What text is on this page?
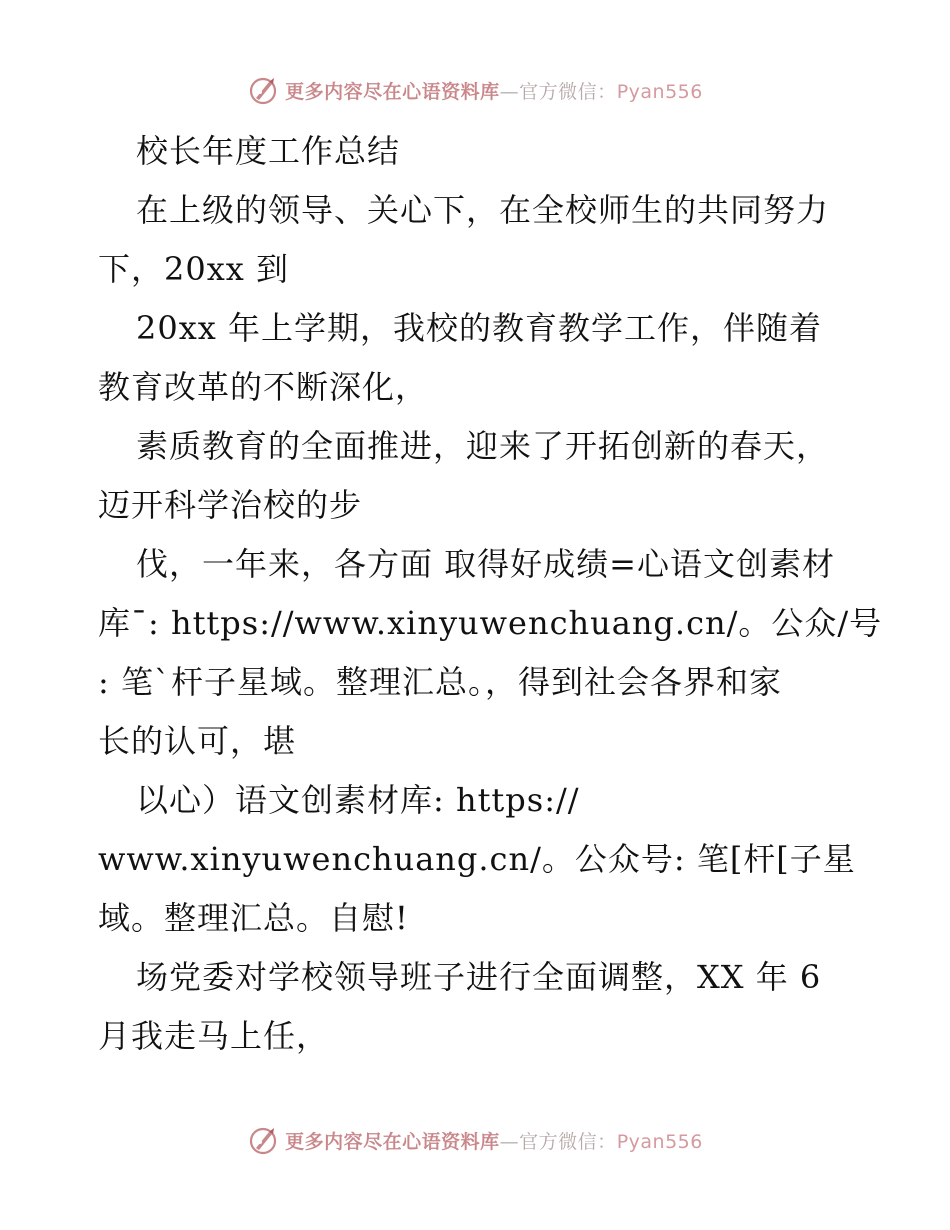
更多内容尽在心语资料库—官方微信：Pyan556
校长年度工作总结
在上级的领导、关心下，在全校师生的共同努力
下，20xx 到
20xx 年上学期，我校的教育教学工作，伴随着
教育改革的不断深化，
素质教育的全面推进，迎来了开拓创新的春天，
迈开科学治校的步
伐，一年来，各方面 取得好成绩=心语文创素材
库¯: https://www.xinyuwenchuang.cn/。公众/号
: 笔`杆子星域。整理汇总。，得到社会各界和家
长的认可，堪
以心）语文创素材库: https://
www.xinyuwenchuang.cn/。公众号: 笔[杆[子星
域。整理汇总。自慰!
场党委对学校领导班子进行全面调整，XX 年 6
月我走马上任，
更多内容尽在心语资料库—官方微信：Pyan556
